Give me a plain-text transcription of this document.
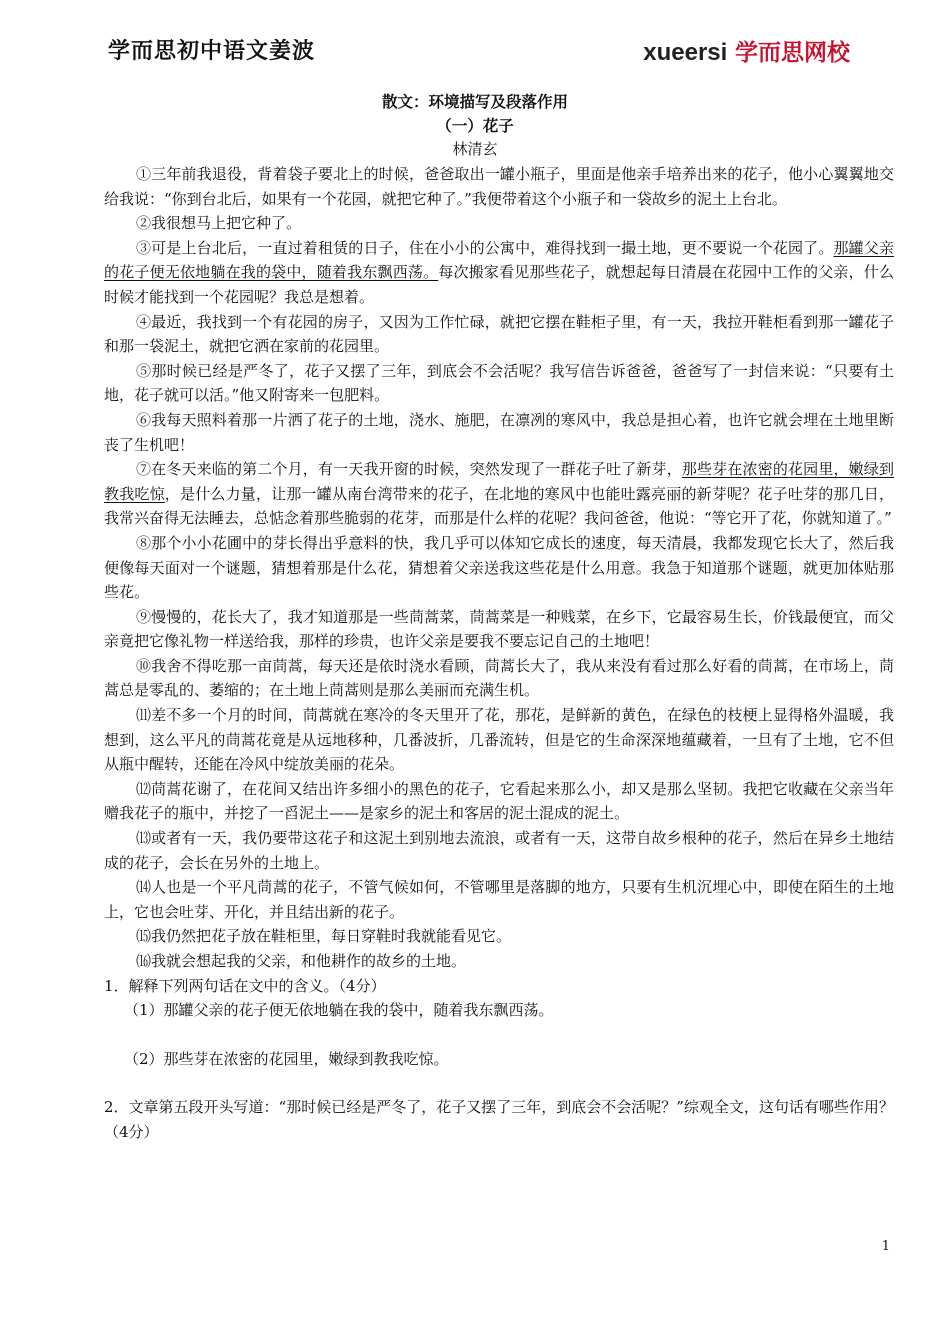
学而思初中语文姜波	xueersi 学而思网校
散文：环境描写及段落作用
（一）花子
林清玄

①三年前我退役，背着袋子要北上的时候，爸爸取出一罐小瓶子，里面是他亲手培养出来的花子，他小心翼翼地交给我说：“你到台北后，如果有一个花园，就把它种了。”我便带着这个小瓶子和一袋故乡的泥土上台北。

②我很想马上把它种了。

③可是上台北后，一直过着租赁的日子，住在小小的公寓中，难得找到一撮土地，更不要说一个花园了。那罐父亲的花子便无依地躺在我的袋中，随着我东飘西荡。每次搬家看见那些花子，就想起每日清晨在花园中工作的父亲，什么时候才能找到一个花园呢？我总是想着。

④最近，我找到一个有花园的房子，又因为工作忙碌，就把它摆在鞋柜子里，有一天，我拉开鞋柜看到那一罐花子和那一袋泥土，就把它洒在家前的花园里。

⑤那时候已经是严冬了，花子又摆了三年，到底会不会活呢？我写信告诉爸爸，爸爸写了一封信来说：“只要有土地，花子就可以活。”他又附寄来一包肥料。

⑥我每天照料着那一片洒了花子的土地，浇水、施肥，在凛冽的寒风中，我总是担心着，也许它就会埋在土地里断丧了生机吧！

⑦在冬天来临的第二个月，有一天我开窗的时候，突然发现了一群花子吐了新芽，那些芽在浓密的花园里，嫩绿到教我吃惊，是什么力量，让那一罐从南台湾带来的花子，在北地的寒风中也能吐露亮丽的新芽呢？花子吐芽的那几日，我常兴奋得无法睡去，总惦念着那些脆弱的花芽，而那是什么样的花呢？我问爸爸，他说：“等它开了花，你就知道了。”

⑧那个小小花圃中的芽长得出乎意料的快，我几乎可以体知它成长的速度，每天清晨，我都发现它长大了，然后我便像每天面对一个谜题，猜想着那是什么花，猜想着父亲送我这些花是什么用意。我急于知道那个谜题，就更加体贴那些花。

⑨慢慢的，花长大了，我才知道那是一些茼蒿菜，茼蒿菜是一种贱菜，在乡下，它最容易生长，价钱最便宜，而父亲竟把它像礼物一样送给我，那样的珍贵，也许父亲是要我不要忘记自己的土地吧！

⑩我舍不得吃那一亩茼蒿，每天还是依时浇水看顾，茼蒿长大了，我从来没有看过那么好看的茼蒿，在市场上，茼蒿总是零乱的、萎缩的；在土地上茼蒿则是那么美丽而充满生机。

⑾差不多一个月的时间，茼蒿就在寒冷的冬天里开了花，那花，是鲜新的黄色，在绿色的枝梗上显得格外温暖，我想到，这么平凡的茼蒿花竟是从远地移种，几番波折，几番流转，但是它的生命深深地蕴藏着，一旦有了土地，它不但从瓶中醒转，还能在冷风中绽放美丽的花朵。

⑿茼蒿花谢了，在花间又结出许多细小的黑色的花子，它看起来那么小，却又是那么坚韧。我把它收藏在父亲当年赠我花子的瓶中，并挖了一舀泥土——是家乡的泥土和客居的泥土混成的泥土。

⒀或者有一天，我仍要带这花子和这泥土到别地去流浪，或者有一天，这带自故乡根种的花子，然后在异乡土地结成的花子，会长在另外的土地上。

⒁人也是一个平凡茼蒿的花子，不管气候如何，不管哪里是落脚的地方，只要有生机沉埋心中，即使在陌生的土地上，它也会吐芽、开化，并且结出新的花子。

⒂我仍然把花子放在鞋柜里，每日穿鞋时我就能看见它。

⒃我就会想起我的父亲，和他耕作的故乡的土地。

1．解释下列两句话在文中的含义。（4分）

（1）那罐父亲的花子便无依地躺在我的袋中，随着我东飘西荡。

（2）那些芽在浓密的花园里，嫩绿到教我吃惊。

2．文章第五段开头写道：“那时候已经是严冬了，花子又摆了三年，到底会不会活呢？”综观全文，这句话有哪些作用？（4分）

1
